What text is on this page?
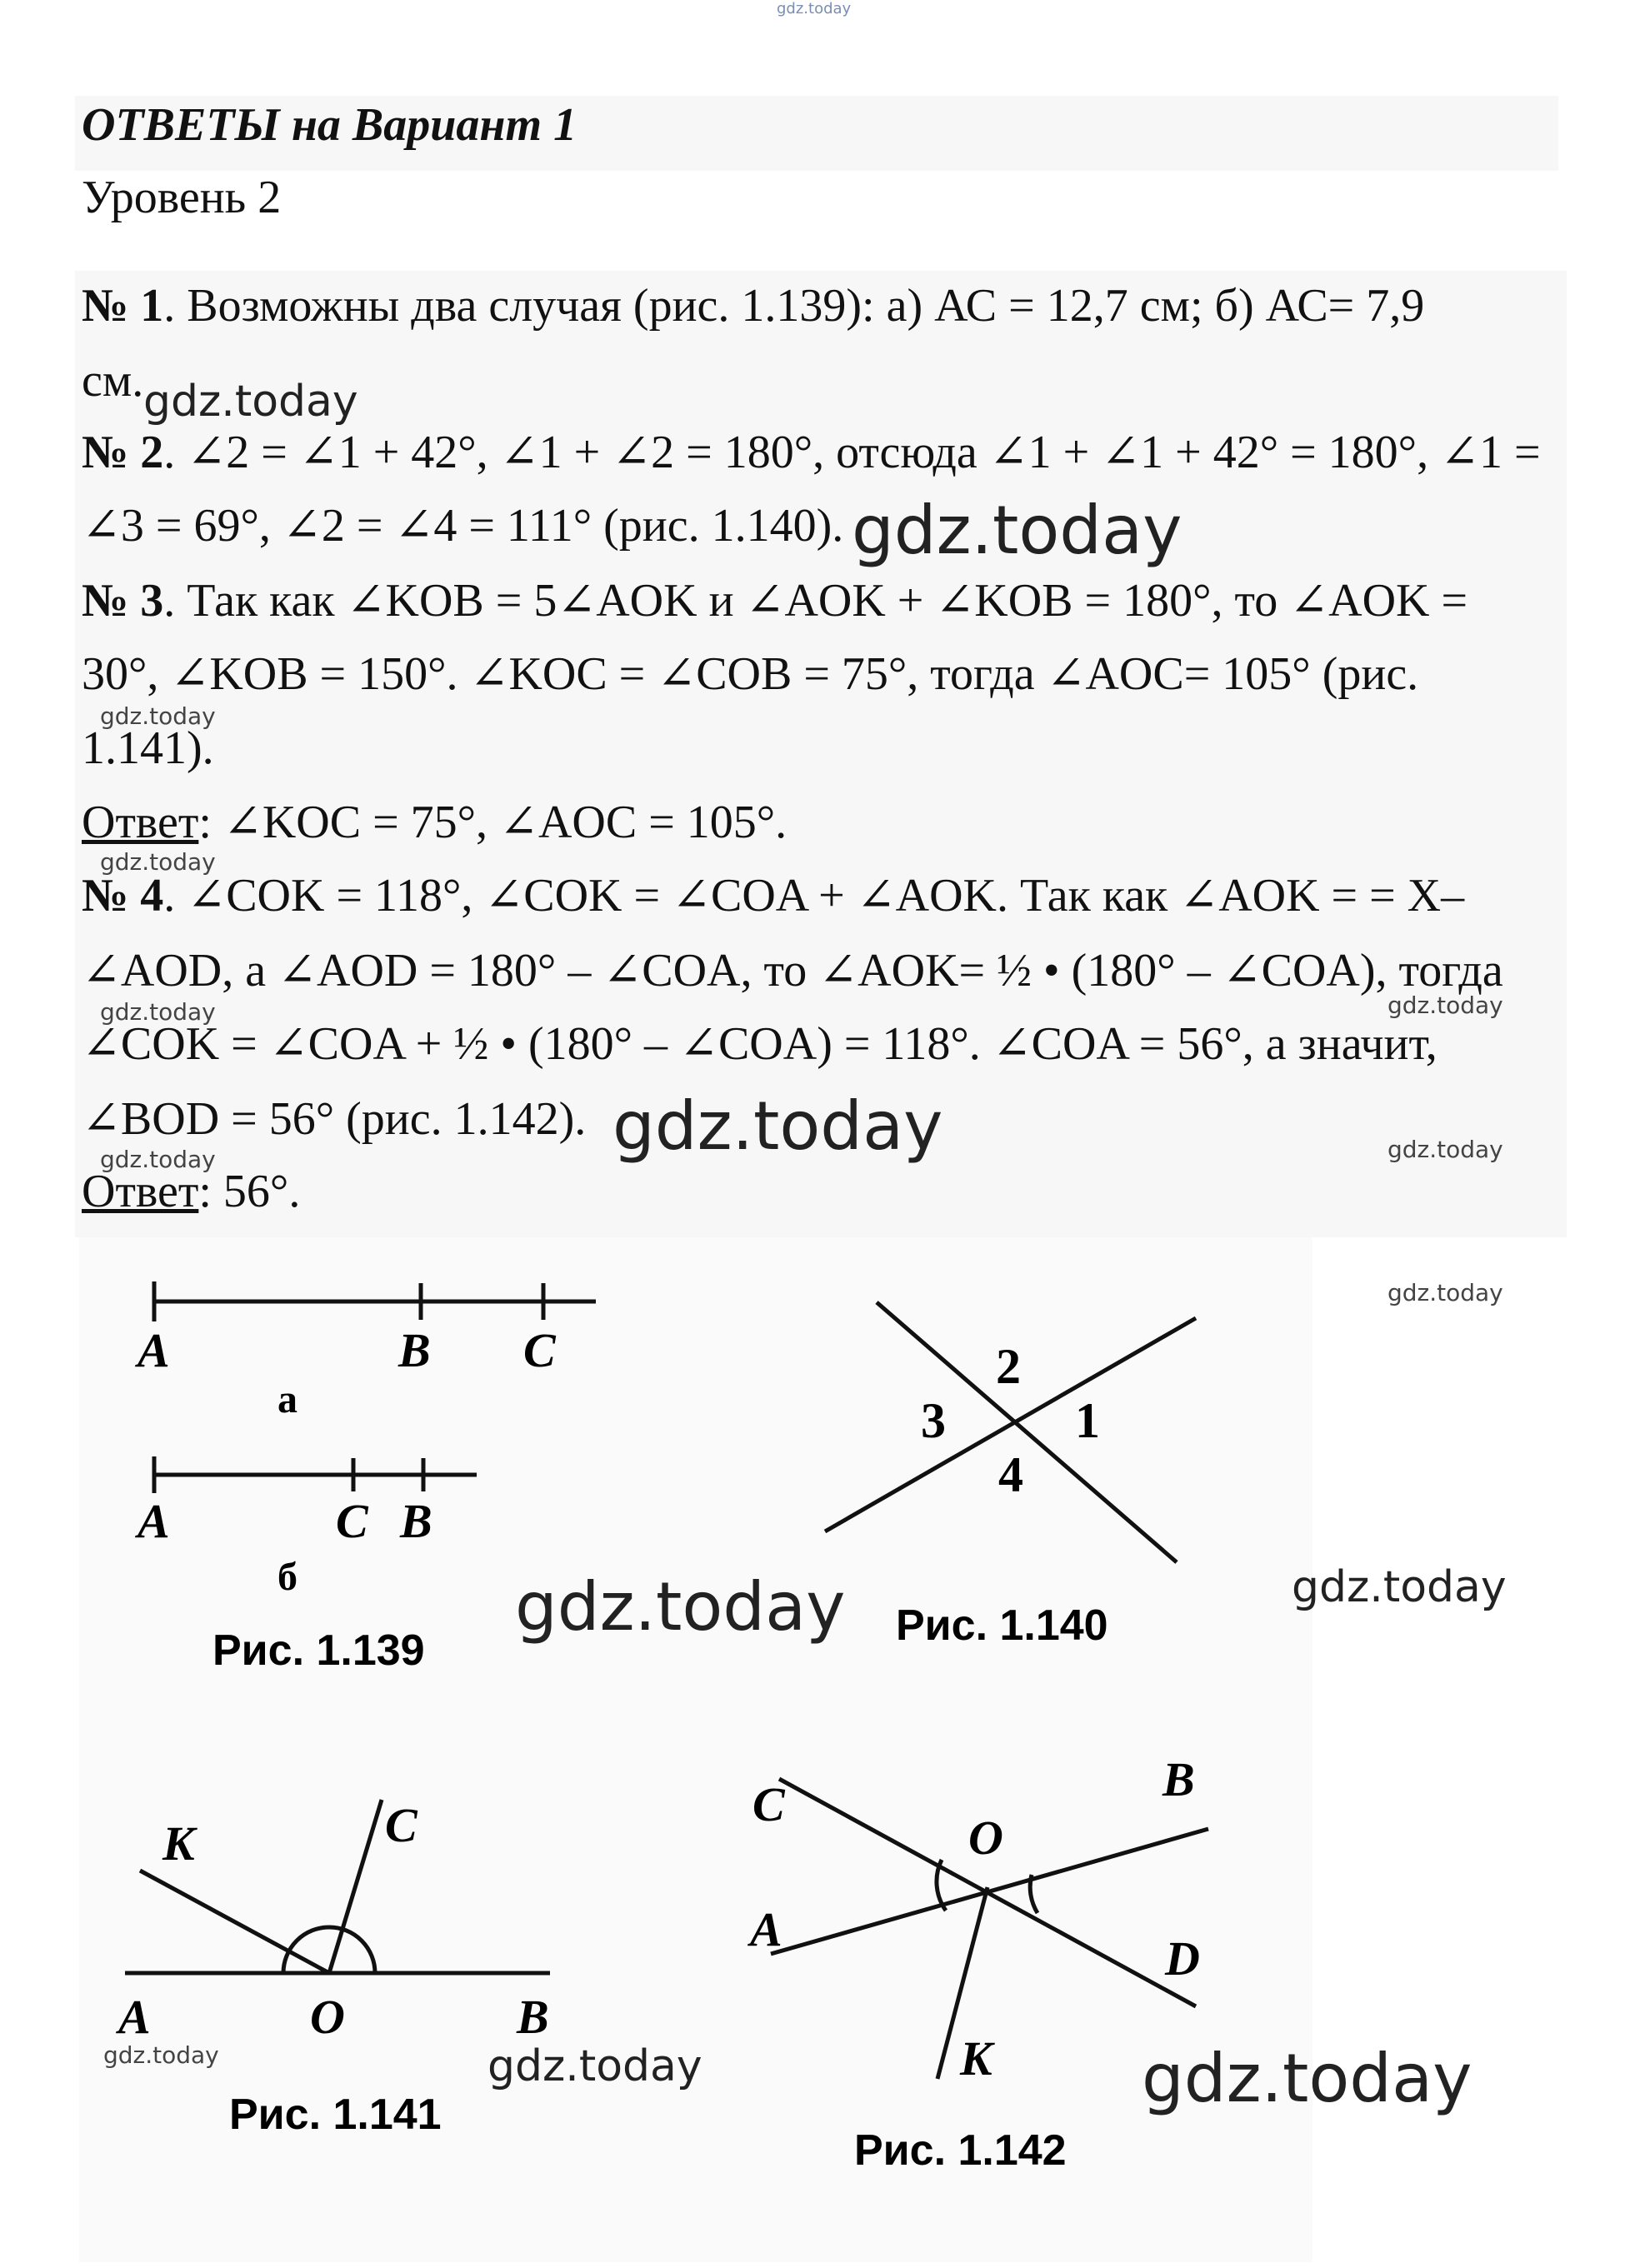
gdz.today
ОТВЕТЫ на Вариант 1
Уровень 2
№ 1. Возможны два случая (рис. 1.139): а) АС = 12,7 см; б) АС= 7,9
см.
№ 2. ∠2 = ∠1 + 42°, ∠1 + ∠2 = 180°, отсюда ∠1 + ∠1 + 42° = 180°, ∠1 =
∠3 = 69°, ∠2 = ∠4 = 111° (рис. 1.140).
№ 3. Так как ∠KOB = 5∠AOK и ∠AOK + ∠KOB = 180°, то ∠AOK =
30°, ∠KOB = 150°. ∠KOC = ∠COB = 75°, тогда ∠AOC= 105° (рис.
1.141).
Ответ: ∠KOC = 75°, ∠AOC = 105°.
№ 4. ∠COK = 118°, ∠COK = ∠COA + ∠AOK. Так как ∠AOK = = X–
∠AOD, а ∠AOD = 180° – ∠COA, то ∠AOK= ½ • (180° – ∠COA), тогда
∠COK = ∠COA + ½ • (180° – ∠COA) = 118°. ∠COA = 56°, а значит,
∠BOD = 56° (рис. 1.142).
Ответ: 56°.
A	B C
а
A	C B
б
Рис. 1.139
2
3	1
4
Рис. 1.140
K	C
A	O	B
Рис. 1.141
C	B
O
A
D
K
Рис. 1.142
gdz.today
gdz.today
gdz.today
gdz.today
gdz.today	gdz.today
gdz.today
gdz.today	gdz.today
gdz.today
gdz.today
gdz.today
gdz.today	gdz.today	gdz.today
